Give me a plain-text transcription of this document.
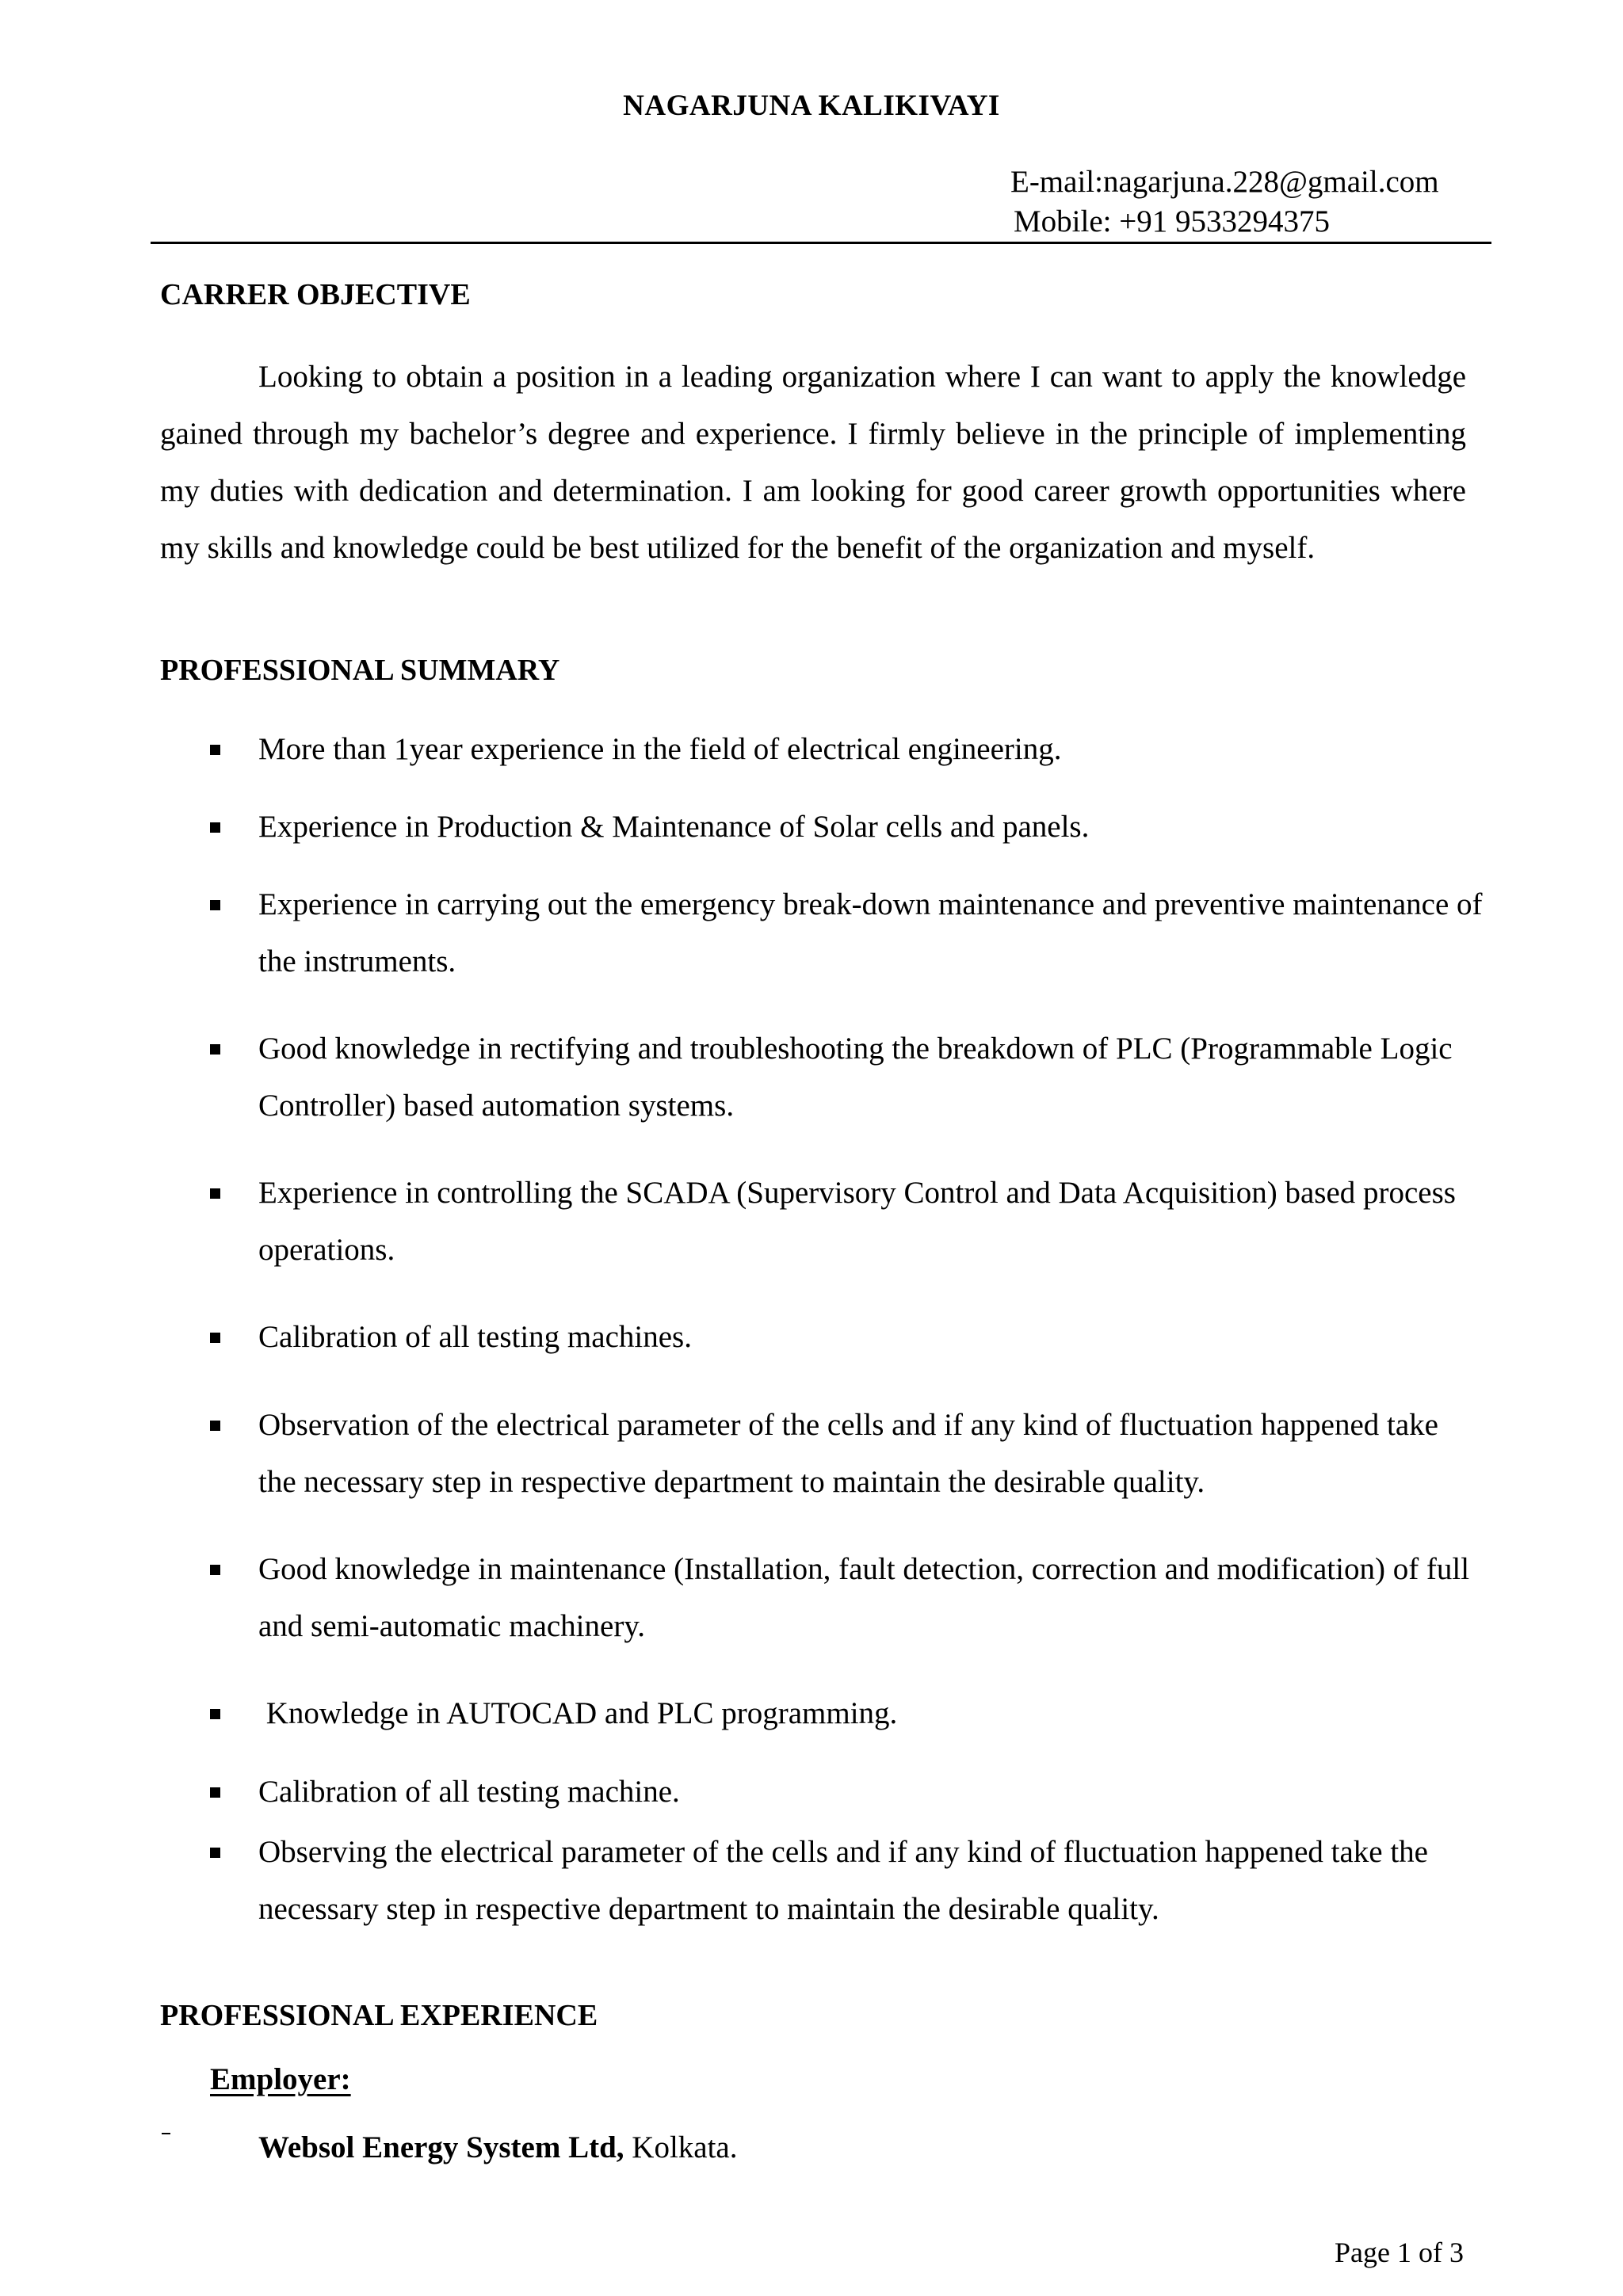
NAGARJUNA KALIKIVAYI
E-mail:nagarjuna.228@gmail.com
Mobile: +91 9533294375
CARRER OBJECTIVE

Looking to obtain a position in a leading organization where I can want to apply the knowledge gained through my bachelor’s degree and experience. I firmly believe in the principle of implementing my duties with dedication and determination. I am looking for good career growth opportunities where my skills and knowledge could be best utilized for the benefit of the organization and myself.

PROFESSIONAL SUMMARY
More than 1year experience in the field of electrical engineering.
Experience in Production & Maintenance of Solar cells and panels.
Experience in carrying out the emergency break-down maintenance and preventive maintenance of the instruments.
Good knowledge in rectifying and troubleshooting the breakdown of PLC (Programmable Logic Controller) based automation systems.
Experience in controlling the SCADA (Supervisory Control and Data Acquisition) based process operations.
Calibration of all testing machines.
Observation of the electrical parameter of the cells and if any kind of fluctuation happened take the necessary step in respective department to maintain the desirable quality.
Good knowledge in maintenance (Installation, fault detection, correction and modification) of full and semi-automatic machinery.
Knowledge in AUTOCAD and PLC programming.
Calibration of all testing machine.
Observing the electrical parameter of the cells and if any kind of fluctuation happened take the necessary step in respective department to maintain the desirable quality.
PROFESSIONAL EXPERIENCE
Employer:
Websol Energy System Ltd, Kolkata.
Page 1 of 3
